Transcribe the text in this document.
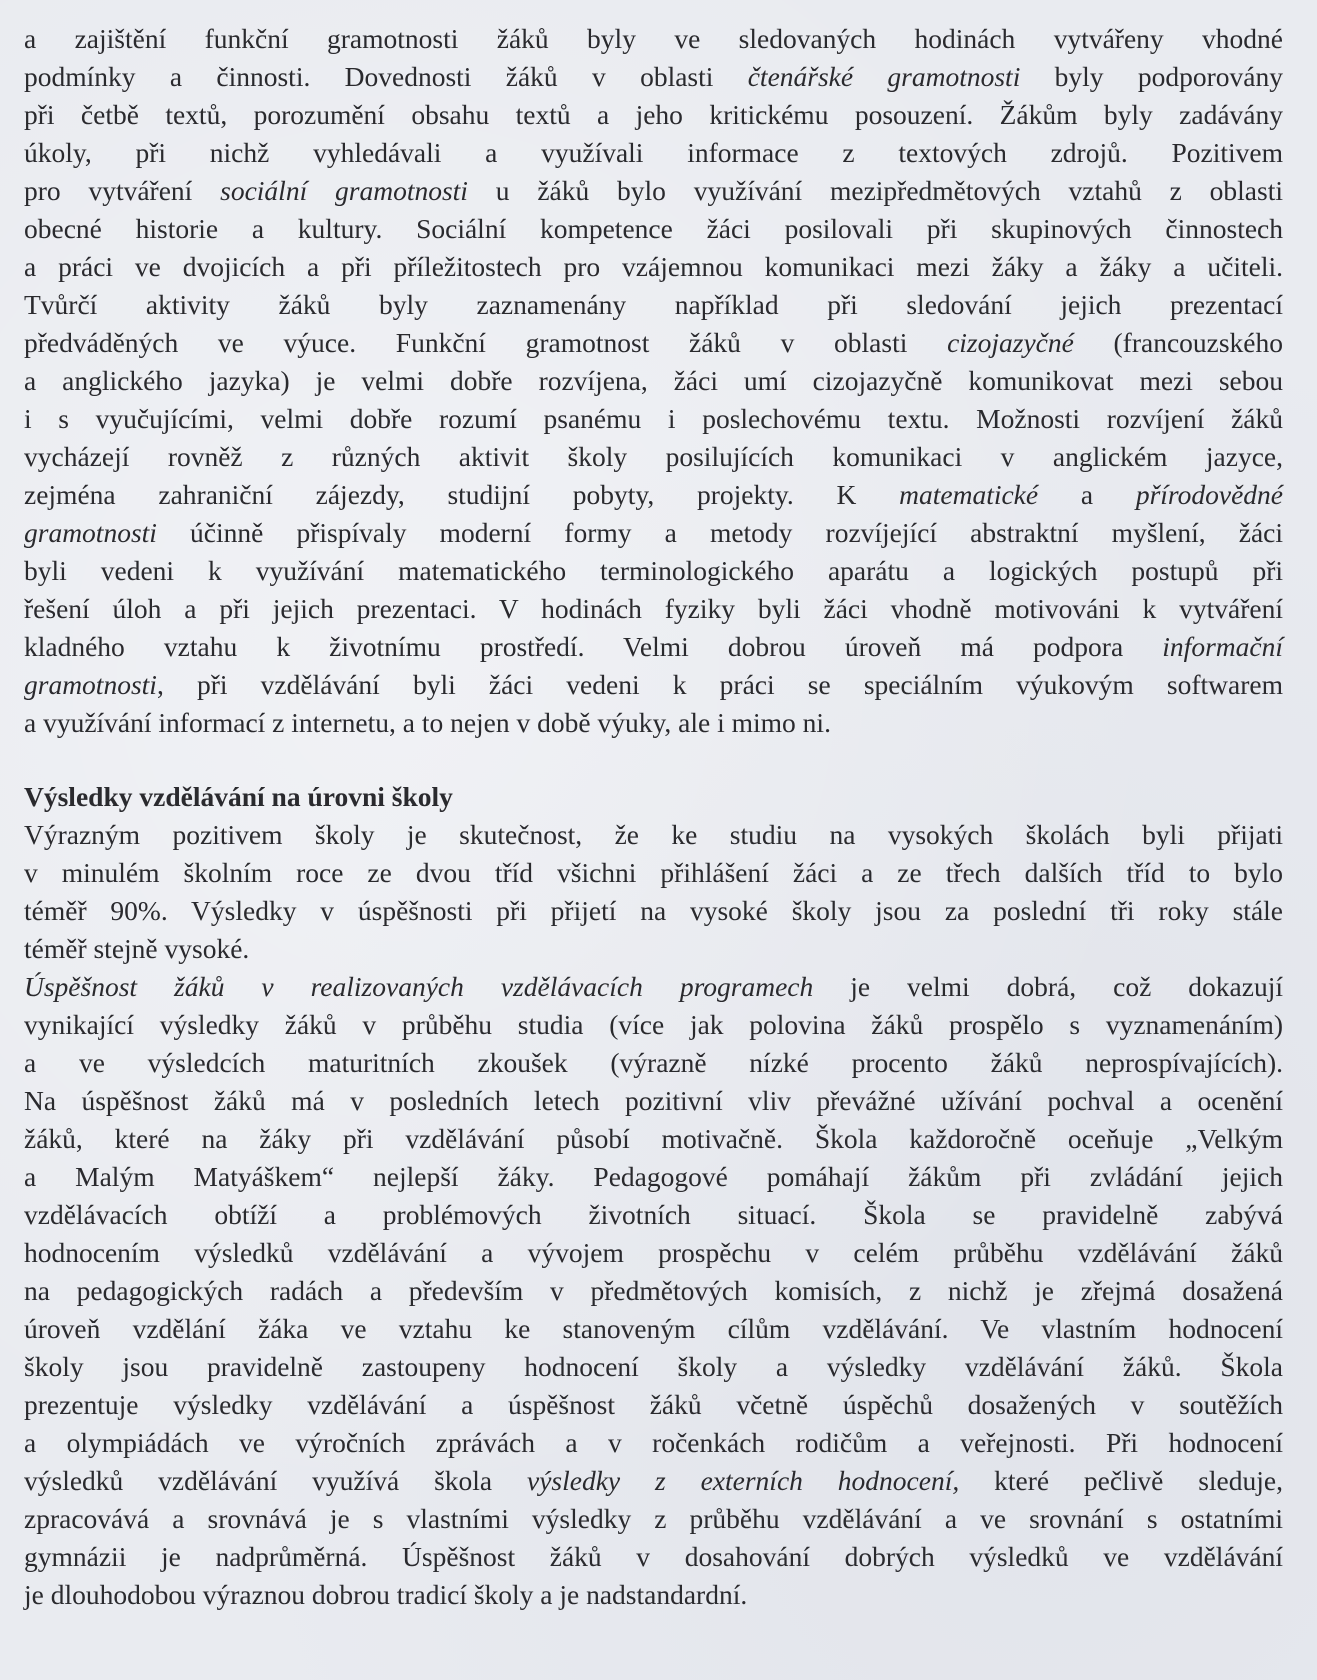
a zajištění funkční gramotnosti žáků byly ve sledovaných hodinách vytvářeny vhodné
podmínky a činnosti. Dovednosti žáků v oblasti čtenářské gramotnosti byly podporovány
při četbě textů, porozumění obsahu textů a jeho kritickému posouzení. Žákům byly zadávány
úkoly, při nichž vyhledávali a využívali informace z textových zdrojů. Pozitivem
pro vytváření sociální gramotnosti u žáků bylo využívání mezipředmětových vztahů z oblasti
obecné historie a kultury. Sociální kompetence žáci posilovali při skupinových činnostech
a práci ve dvojicích a při příležitostech pro vzájemnou komunikaci mezi žáky a žáky a učiteli.
Tvůrčí aktivity žáků byly zaznamenány například při sledování jejich prezentací
předváděných ve výuce. Funkční gramotnost žáků v oblasti cizojazyčné (francouzského
a anglického jazyka) je velmi dobře rozvíjena, žáci umí cizojazyčně komunikovat mezi sebou
i s vyučujícími, velmi dobře rozumí psanému i poslechovému textu. Možnosti rozvíjení žáků
vycházejí rovněž z různých aktivit školy posilujících komunikaci v anglickém jazyce,
zejména zahraniční zájezdy, studijní pobyty, projekty. K matematické a přírodovědné
gramotnosti účinně přispívaly moderní formy a metody rozvíjející abstraktní myšlení, žáci
byli vedeni k využívání matematického terminologického aparátu a logických postupů při
řešení úloh a při jejich prezentaci. V hodinách fyziky byli žáci vhodně motivováni k vytváření
kladného vztahu k životnímu prostředí. Velmi dobrou úroveň má podpora informační
gramotnosti, při vzdělávání byli žáci vedeni k práci se speciálním výukovým softwarem
a využívání informací z internetu, a to nejen v době výuky, ale i mimo ni.
Výsledky vzdělávání na úrovni školy
Výrazným pozitivem školy je skutečnost, že ke studiu na vysokých školách byli přijati
v minulém školním roce ze dvou tříd všichni přihlášení žáci a ze třech dalších tříd to bylo
téměř 90%. Výsledky v úspěšnosti při přijetí na vysoké školy jsou za poslední tři roky stále
téměř stejně vysoké.
Úspěšnost žáků v realizovaných vzdělávacích programech je velmi dobrá, což dokazují
vynikající výsledky žáků v průběhu studia (více jak polovina žáků prospělo s vyznamenáním)
a ve výsledcích maturitních zkoušek (výrazně nízké procento žáků neprospívajících).
Na úspěšnost žáků má v posledních letech pozitivní vliv převážné užívání pochval a ocenění
žáků, které na žáky při vzdělávání působí motivačně. Škola každoročně oceňuje „Velkým
a Malým Matyáškem“ nejlepší žáky. Pedagogové pomáhají žákům při zvládání jejich
vzdělávacích obtíží a problémových životních situací. Škola se pravidelně zabývá
hodnocením výsledků vzdělávání a vývojem prospěchu v celém průběhu vzdělávání žáků
na pedagogických radách a především v předmětových komisích, z nichž je zřejmá dosažená
úroveň vzdělání žáka ve vztahu ke stanoveným cílům vzdělávání. Ve vlastním hodnocení
školy jsou pravidelně zastoupeny hodnocení školy a výsledky vzdělávání žáků. Škola
prezentuje výsledky vzdělávání a úspěšnost žáků včetně úspěchů dosažených v soutěžích
a olympiádách ve výročních zprávách a v ročenkách rodičům a veřejnosti. Při hodnocení
výsledků vzdělávání využívá škola výsledky z externích hodnocení, které pečlivě sleduje,
zpracovává a srovnává je s vlastními výsledky z průběhu vzdělávání a ve srovnání s ostatními
gymnázii je nadprůměrná. Úspěšnost žáků v dosahování dobrých výsledků ve vzdělávání
je dlouhodobou výraznou dobrou tradicí školy a je nadstandardní.
